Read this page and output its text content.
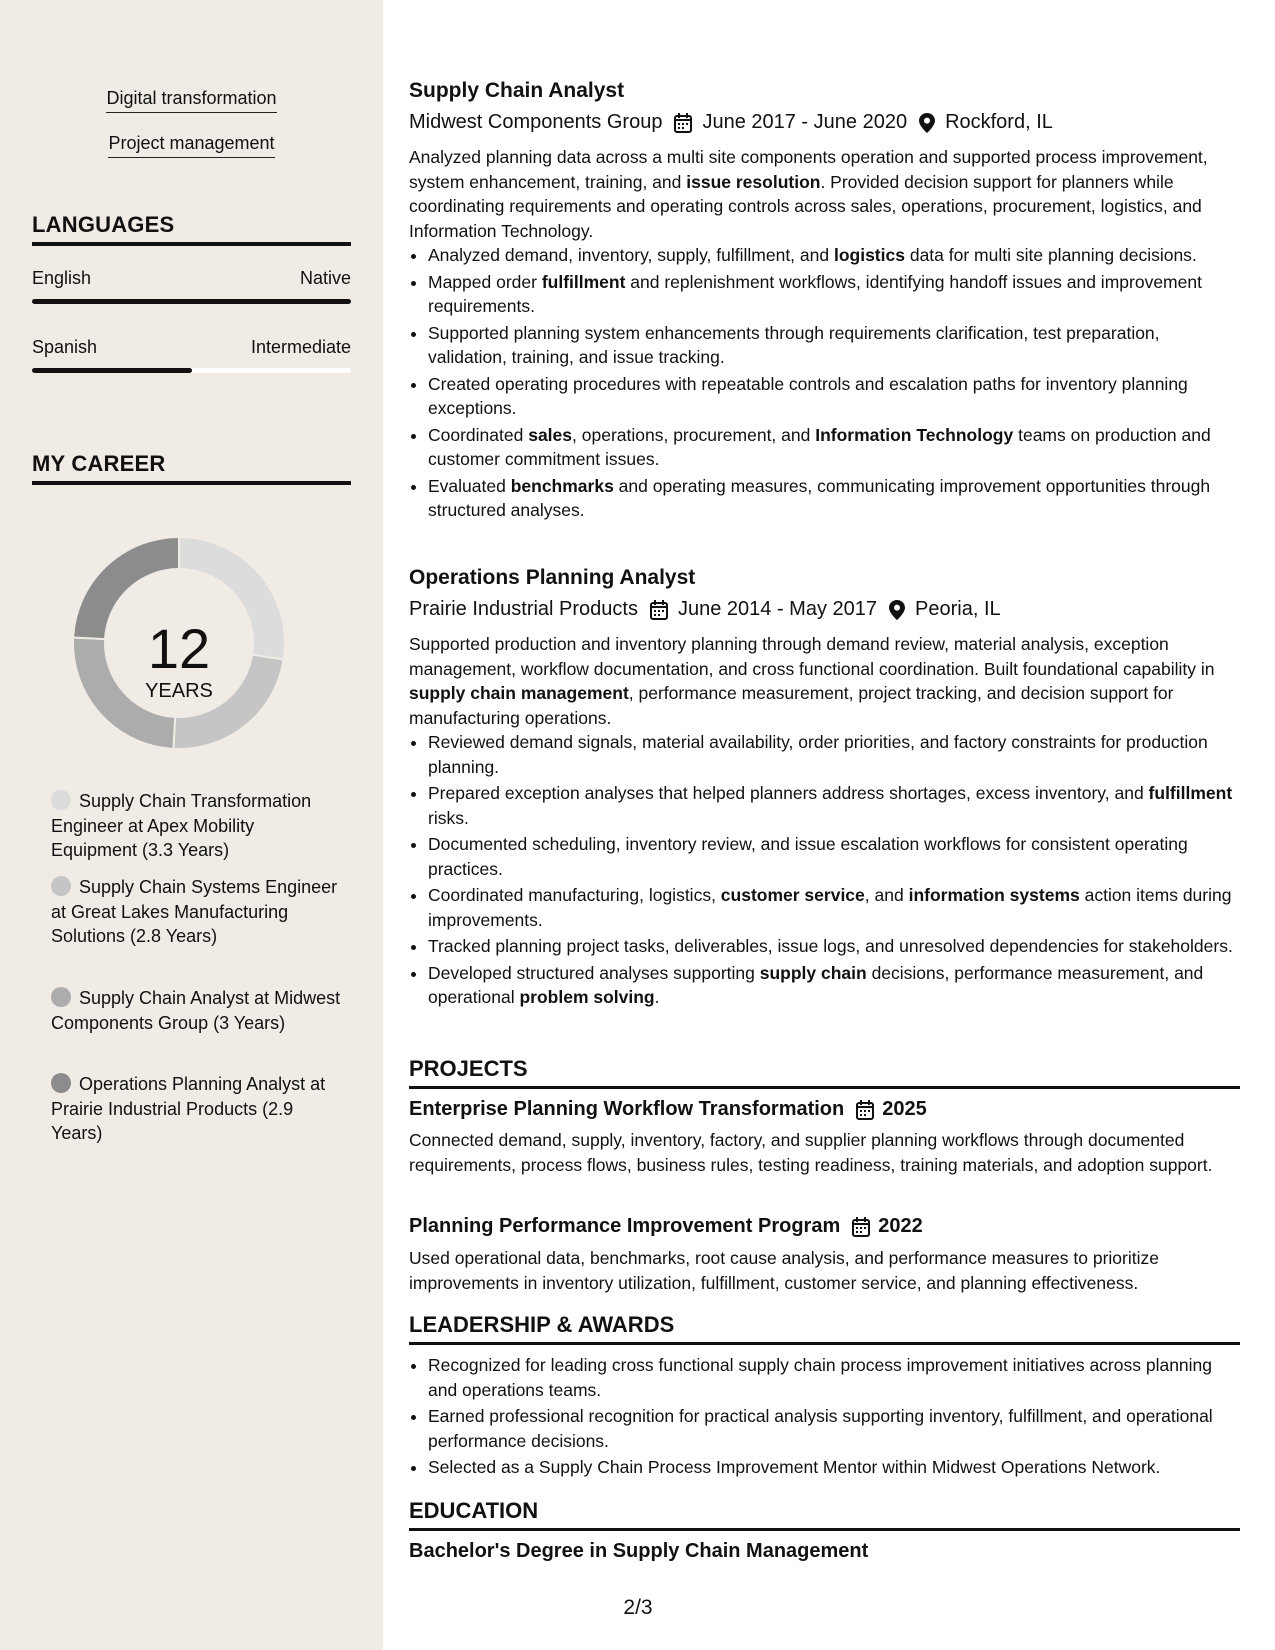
Digital transformation
Project management
LANGUAGES
English	Native
Spanish	Intermediate
MY CAREER
12
YEARS
Supply Chain Transformation Engineer at Apex Mobility Equipment (3.3 Years)
Supply Chain Systems Engineer at Great Lakes Manufacturing Solutions (2.8 Years)
Supply Chain Analyst at Midwest Components Group (3 Years)
Operations Planning Analyst at Prairie Industrial Products (2.9 Years)
Supply Chain Analyst
Midwest Components Group June 2017 - June 2020 Rockford, IL
Analyzed planning data across a multi site components operation and supported process improvement, system enhancement, training, and issue resolution. Provided decision support for planners while coordinating requirements and operating controls across sales, operations, procurement, logistics, and Information Technology.
• Analyzed demand, inventory, supply, fulfillment, and logistics data for multi site planning decisions.
• Mapped order fulfillment and replenishment workflows, identifying handoff issues and improvement requirements.
• Supported planning system enhancements through requirements clarification, test preparation, validation, training, and issue tracking.
• Created operating procedures with repeatable controls and escalation paths for inventory planning exceptions.
• Coordinated sales, operations, procurement, and Information Technology teams on production and customer commitment issues.
• Evaluated benchmarks and operating measures, communicating improvement opportunities through structured analyses.
Operations Planning Analyst
Prairie Industrial Products June 2014 - May 2017 Peoria, IL
Supported production and inventory planning through demand review, material analysis, exception management, workflow documentation, and cross functional coordination. Built foundational capability in supply chain management, performance measurement, project tracking, and decision support for manufacturing operations.
• Reviewed demand signals, material availability, order priorities, and factory constraints for production planning.
• Prepared exception analyses that helped planners address shortages, excess inventory, and fulfillment risks.
• Documented scheduling, inventory review, and issue escalation workflows for consistent operating practices.
• Coordinated manufacturing, logistics, customer service, and information systems action items during improvements.
• Tracked planning project tasks, deliverables, issue logs, and unresolved dependencies for stakeholders.
• Developed structured analyses supporting supply chain decisions, performance measurement, and operational problem solving.
PROJECTS
Enterprise Planning Workflow Transformation 2025
Connected demand, supply, inventory, factory, and supplier planning workflows through documented requirements, process flows, business rules, testing readiness, training materials, and adoption support.
Planning Performance Improvement Program 2022
Used operational data, benchmarks, root cause analysis, and performance measures to prioritize improvements in inventory utilization, fulfillment, customer service, and planning effectiveness.
LEADERSHIP & AWARDS
• Recognized for leading cross functional supply chain process improvement initiatives across planning and operations teams.
• Earned professional recognition for practical analysis supporting inventory, fulfillment, and operational performance decisions.
• Selected as a Supply Chain Process Improvement Mentor within Midwest Operations Network.
EDUCATION
Bachelor's Degree in Supply Chain Management
2/3
